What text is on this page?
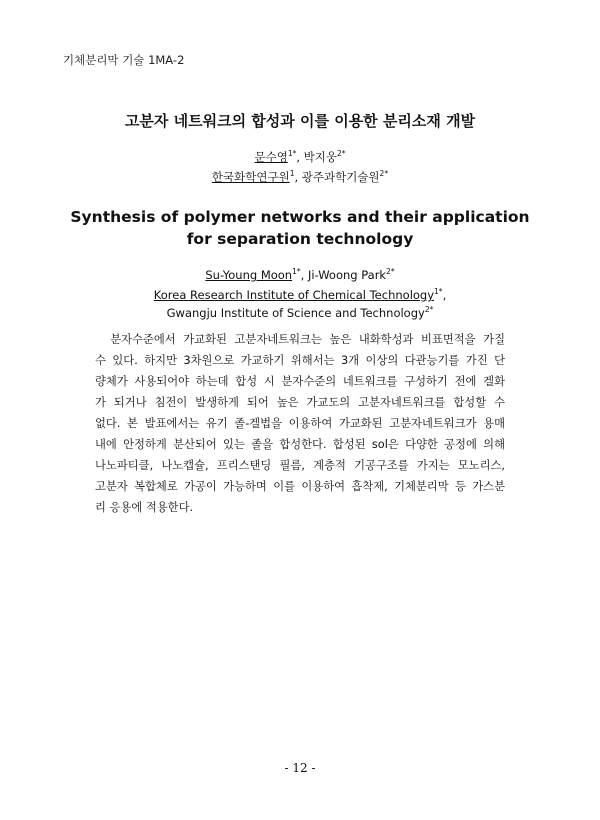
기체분리막 기술 1MA-2
고분자 네트워크의 합성과 이를 이용한 분리소재 개발
문수영$^{1*}$, 박지웅$^{2*}$
한국화학연구원$^1$, 광주과학기술원$^{2*}$
Synthesis of polymer networks and their application
for separation technology
Su-Young Moon$^{1*}$, Ji-Woong Park$^{2*}$
Korea Research Institute of Chemical Technology$^{1*}$,
Gwangju Institute of Science and Technology$^{2*}$
분자수준에서 가교화된 고분자네트워크는 높은 내화학성과 비표면적을 가질
수 있다. 하지만 3차원으로 가교하기 위해서는 3개 이상의 다관능기를 가진 단
량체가 사용되어야 하는데 합성 시 분자수준의 네트워크를 구성하기 전에 겔화
가 되거나 침전이 발생하게 되어 높은 가교도의 고분자네트워크를 합성할 수
없다. 본 발표에서는 유기 졸-겔법을 이용하여 가교화된 고분자네트워크가 용매
내에 안정하게 분산되어 있는 졸을 합성한다. 합성된 sol은 다양한 공정에 의해
나노파티클, 나노캡슐, 프리스탠딩 필름, 계층적 기공구조를 가지는 모노리스,
고분자 복합체로 가공이 가능하며 이를 이용하여 흡착제, 기체분리막 등 가스분
리 응용에 적용한다.
- 12 -
